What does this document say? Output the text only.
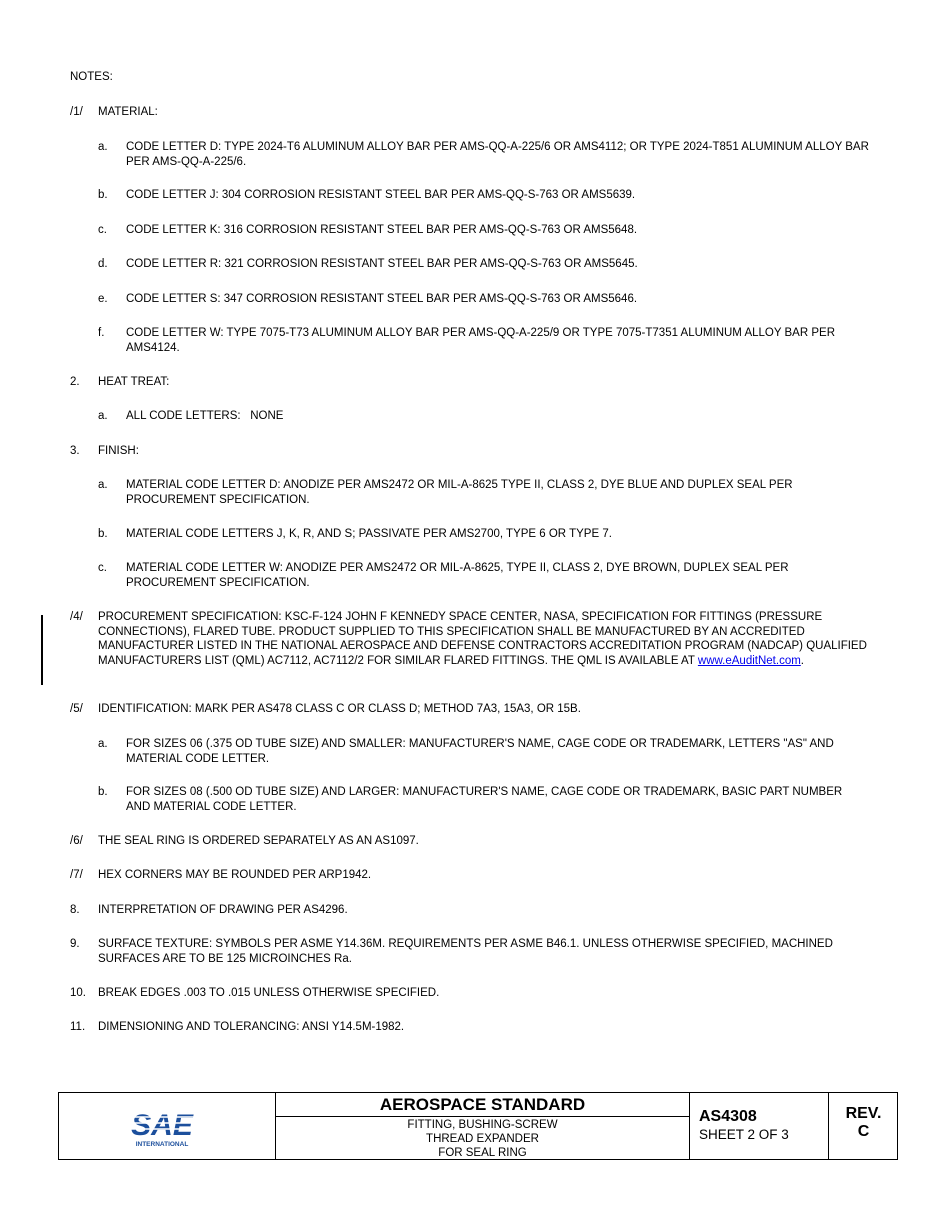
NOTES:
/1/ MATERIAL:
a. CODE LETTER D: TYPE 2024-T6 ALUMINUM ALLOY BAR PER AMS-QQ-A-225/6 OR AMS4112; OR TYPE 2024-T851 ALUMINUM ALLOY BAR PER AMS-QQ-A-225/6.
b. CODE LETTER J: 304 CORROSION RESISTANT STEEL BAR PER AMS-QQ-S-763 OR AMS5639.
c. CODE LETTER K: 316 CORROSION RESISTANT STEEL BAR PER AMS-QQ-S-763 OR AMS5648.
d. CODE LETTER R: 321 CORROSION RESISTANT STEEL BAR PER AMS-QQ-S-763 OR AMS5645.
e. CODE LETTER S: 347 CORROSION RESISTANT STEEL BAR PER AMS-QQ-S-763 OR AMS5646.
f. CODE LETTER W: TYPE 7075-T73 ALUMINUM ALLOY BAR PER AMS-QQ-A-225/9 OR TYPE 7075-T7351 ALUMINUM ALLOY BAR PER AMS4124.
2. HEAT TREAT:
a. ALL CODE LETTERS:   NONE
3. FINISH:
a. MATERIAL CODE LETTER D: ANODIZE PER AMS2472 OR MIL-A-8625 TYPE II, CLASS 2, DYE BLUE AND DUPLEX SEAL PER PROCUREMENT SPECIFICATION.
b. MATERIAL CODE LETTERS J, K, R, AND S; PASSIVATE PER AMS2700, TYPE 6 OR TYPE 7.
c. MATERIAL CODE LETTER W: ANODIZE PER AMS2472 OR MIL-A-8625, TYPE II, CLASS 2, DYE BROWN, DUPLEX SEAL PER PROCUREMENT SPECIFICATION.
/4/ PROCUREMENT SPECIFICATION: KSC-F-124 JOHN F KENNEDY SPACE CENTER, NASA, SPECIFICATION FOR FITTINGS (PRESSURE CONNECTIONS), FLARED TUBE. PRODUCT SUPPLIED TO THIS SPECIFICATION SHALL BE MANUFACTURED BY AN ACCREDITED MANUFACTURER LISTED IN THE NATIONAL AEROSPACE AND DEFENSE CONTRACTORS ACCREDITATION PROGRAM (NADCAP) QUALIFIED MANUFACTURERS LIST (QML) AC7112, AC7112/2 FOR SIMILAR FLARED FITTINGS. THE QML IS AVAILABLE AT www.eAuditNet.com.
/5/ IDENTIFICATION: MARK PER AS478 CLASS C OR CLASS D; METHOD 7A3, 15A3, OR 15B.
a. FOR SIZES 06 (.375 OD TUBE SIZE) AND SMALLER: MANUFACTURER'S NAME, CAGE CODE OR TRADEMARK, LETTERS "AS" AND MATERIAL CODE LETTER.
b. FOR SIZES 08 (.500 OD TUBE SIZE) AND LARGER: MANUFACTURER'S NAME, CAGE CODE OR TRADEMARK, BASIC PART NUMBER AND MATERIAL CODE LETTER.
/6/ THE SEAL RING IS ORDERED SEPARATELY AS AN AS1097.
/7/ HEX CORNERS MAY BE ROUNDED PER ARP1942.
8. INTERPRETATION OF DRAWING PER AS4296.
9. SURFACE TEXTURE: SYMBOLS PER ASME Y14.36M. REQUIREMENTS PER ASME B46.1. UNLESS OTHERWISE SPECIFIED, MACHINED SURFACES ARE TO BE 125 MICROINCHES Ra.
10. BREAK EDGES .003 TO .015 UNLESS OTHERWISE SPECIFIED.
11. DIMENSIONING AND TOLERANCING: ANSI Y14.5M-1982.
SAE
INTERNATIONAL
AEROSPACE STANDARD
FITTING, BUSHING-SCREW
THREAD EXPANDER
FOR SEAL RING
AS4308
SHEET 2 OF 3
REV.
C
